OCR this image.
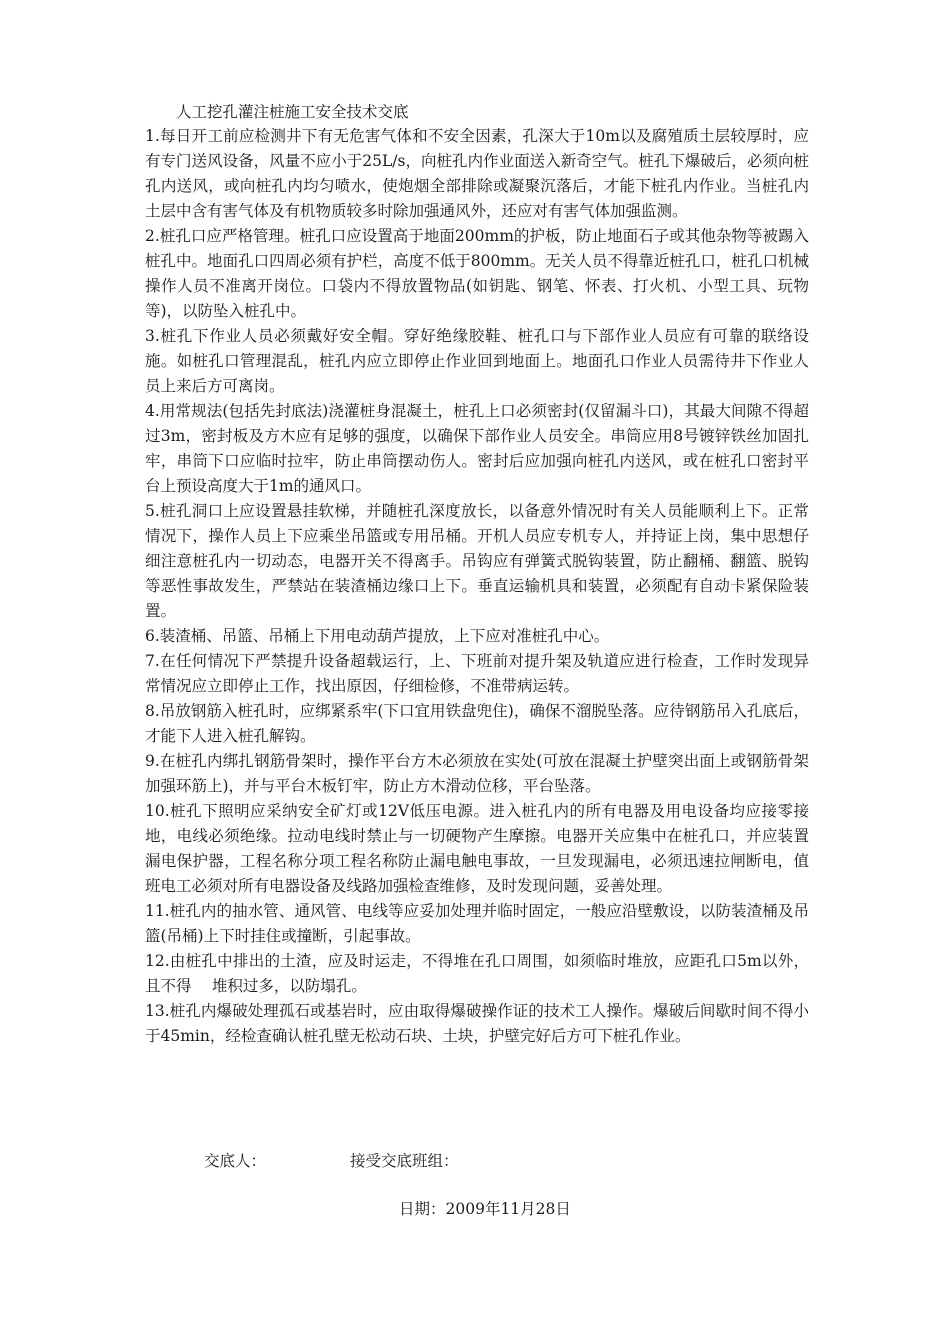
人工挖孔灌注桩施工安全技术交底

1.每日开工前应检测井下有无危害气体和不安全因素，孔深大于10m以及腐殖质土层较厚时，应有专门送风设备，风量不应小于25L/s，向桩孔内作业面送入新奇空气。桩孔下爆破后，必须向桩孔内送风，或向桩孔内均匀喷水，使炮烟全部排除或凝聚沉落后，才能下桩孔内作业。当桩孔内土层中含有害气体及有机物质较多时除加强通风外，还应对有害气体加强监测。

2.桩孔口应严格管理。桩孔口应设置高于地面200mm的护板，防止地面石子或其他杂物等被踢入桩孔中。地面孔口四周必须有护栏，高度不低于800mm。无关人员不得靠近桩孔口，桩孔口机械操作人员不准离开岗位。口袋内不得放置物品(如钥匙、钢笔、怀表、打火机、小型工具、玩物等)，以防坠入桩孔中。

3.桩孔下作业人员必须戴好安全帽。穿好绝缘胶鞋、桩孔口与下部作业人员应有可靠的联络设施。如桩孔口管理混乱，桩孔内应立即停止作业回到地面上。地面孔口作业人员需待井下作业人员上来后方可离岗。

4.用常规法(包括先封底法)浇灌桩身混凝土，桩孔上口必须密封(仅留漏斗口)，其最大间隙不得超过3m，密封板及方木应有足够的强度，以确保下部作业人员安全。串筒应用8号镀锌铁丝加固扎牢，串筒下口应临时拉牢，防止串筒摆动伤人。密封后应加强向桩孔内送风，或在桩孔口密封平台上预设高度大于1m的通风口。

5.桩孔洞口上应设置悬挂软梯，并随桩孔深度放长，以备意外情况时有关人员能顺利上下。正常情况下，操作人员上下应乘坐吊篮或专用吊桶。开机人员应专机专人，并持证上岗，集中思想仔细注意桩孔内一切动态，电器开关不得离手。吊钩应有弹簧式脱钩装置，防止翻桶、翻篮、脱钩等恶性事故发生，严禁站在装渣桶边缘口上下。垂直运输机具和装置，必须配有自动卡紧保险装置。

6.装渣桶、吊篮、吊桶上下用电动葫芦提放，上下应对准桩孔中心。

7.在任何情况下严禁提升设备超载运行，上、下班前对提升架及轨道应进行检查，工作时发现异常情况应立即停止工作，找出原因，仔细检修，不准带病运转。

8.吊放钢筋入桩孔时，应绑紧系牢(下口宜用铁盘兜住)，确保不溜脱坠落。应待钢筋吊入孔底后，才能下人进入桩孔解钩。

9.在桩孔内绑扎钢筋骨架时，操作平台方木必须放在实处(可放在混凝土护壁突出面上或钢筋骨架加强环筋上)，并与平台木板钉牢，防止方木滑动位移，平台坠落。

10.桩孔下照明应采纳安全矿灯或12V低压电源。进入桩孔内的所有电器及用电设备均应接零接地，电线必须绝缘。拉动电线时禁止与一切硬物产生摩擦。电器开关应集中在桩孔口，并应装置漏电保护器，工程名称分项工程名称防止漏电触电事故，一旦发现漏电，必须迅速拉闸断电，值班电工必须对所有电器设备及线路加强检查维修，及时发现问题，妥善处理。

11.桩孔内的抽水管、通风管、电线等应妥加处理并临时固定，一般应沿壁敷设，以防装渣桶及吊篮(吊桶)上下时挂住或撞断，引起事故。

12.由桩孔中排出的土渣，应及时运走，不得堆在孔口周围，如须临时堆放，应距孔口5m以外，且不得　 堆积过多，以防塌孔。

13.桩孔内爆破处理孤石或基岩时，应由取得爆破操作证的技术工人操作。爆破后间歇时间不得小于45min，经检查确认桩孔壁无松动石块、土块，护壁完好后方可下桩孔作业。

交底人：	接受交底班组：
日期：2009年11月28日
